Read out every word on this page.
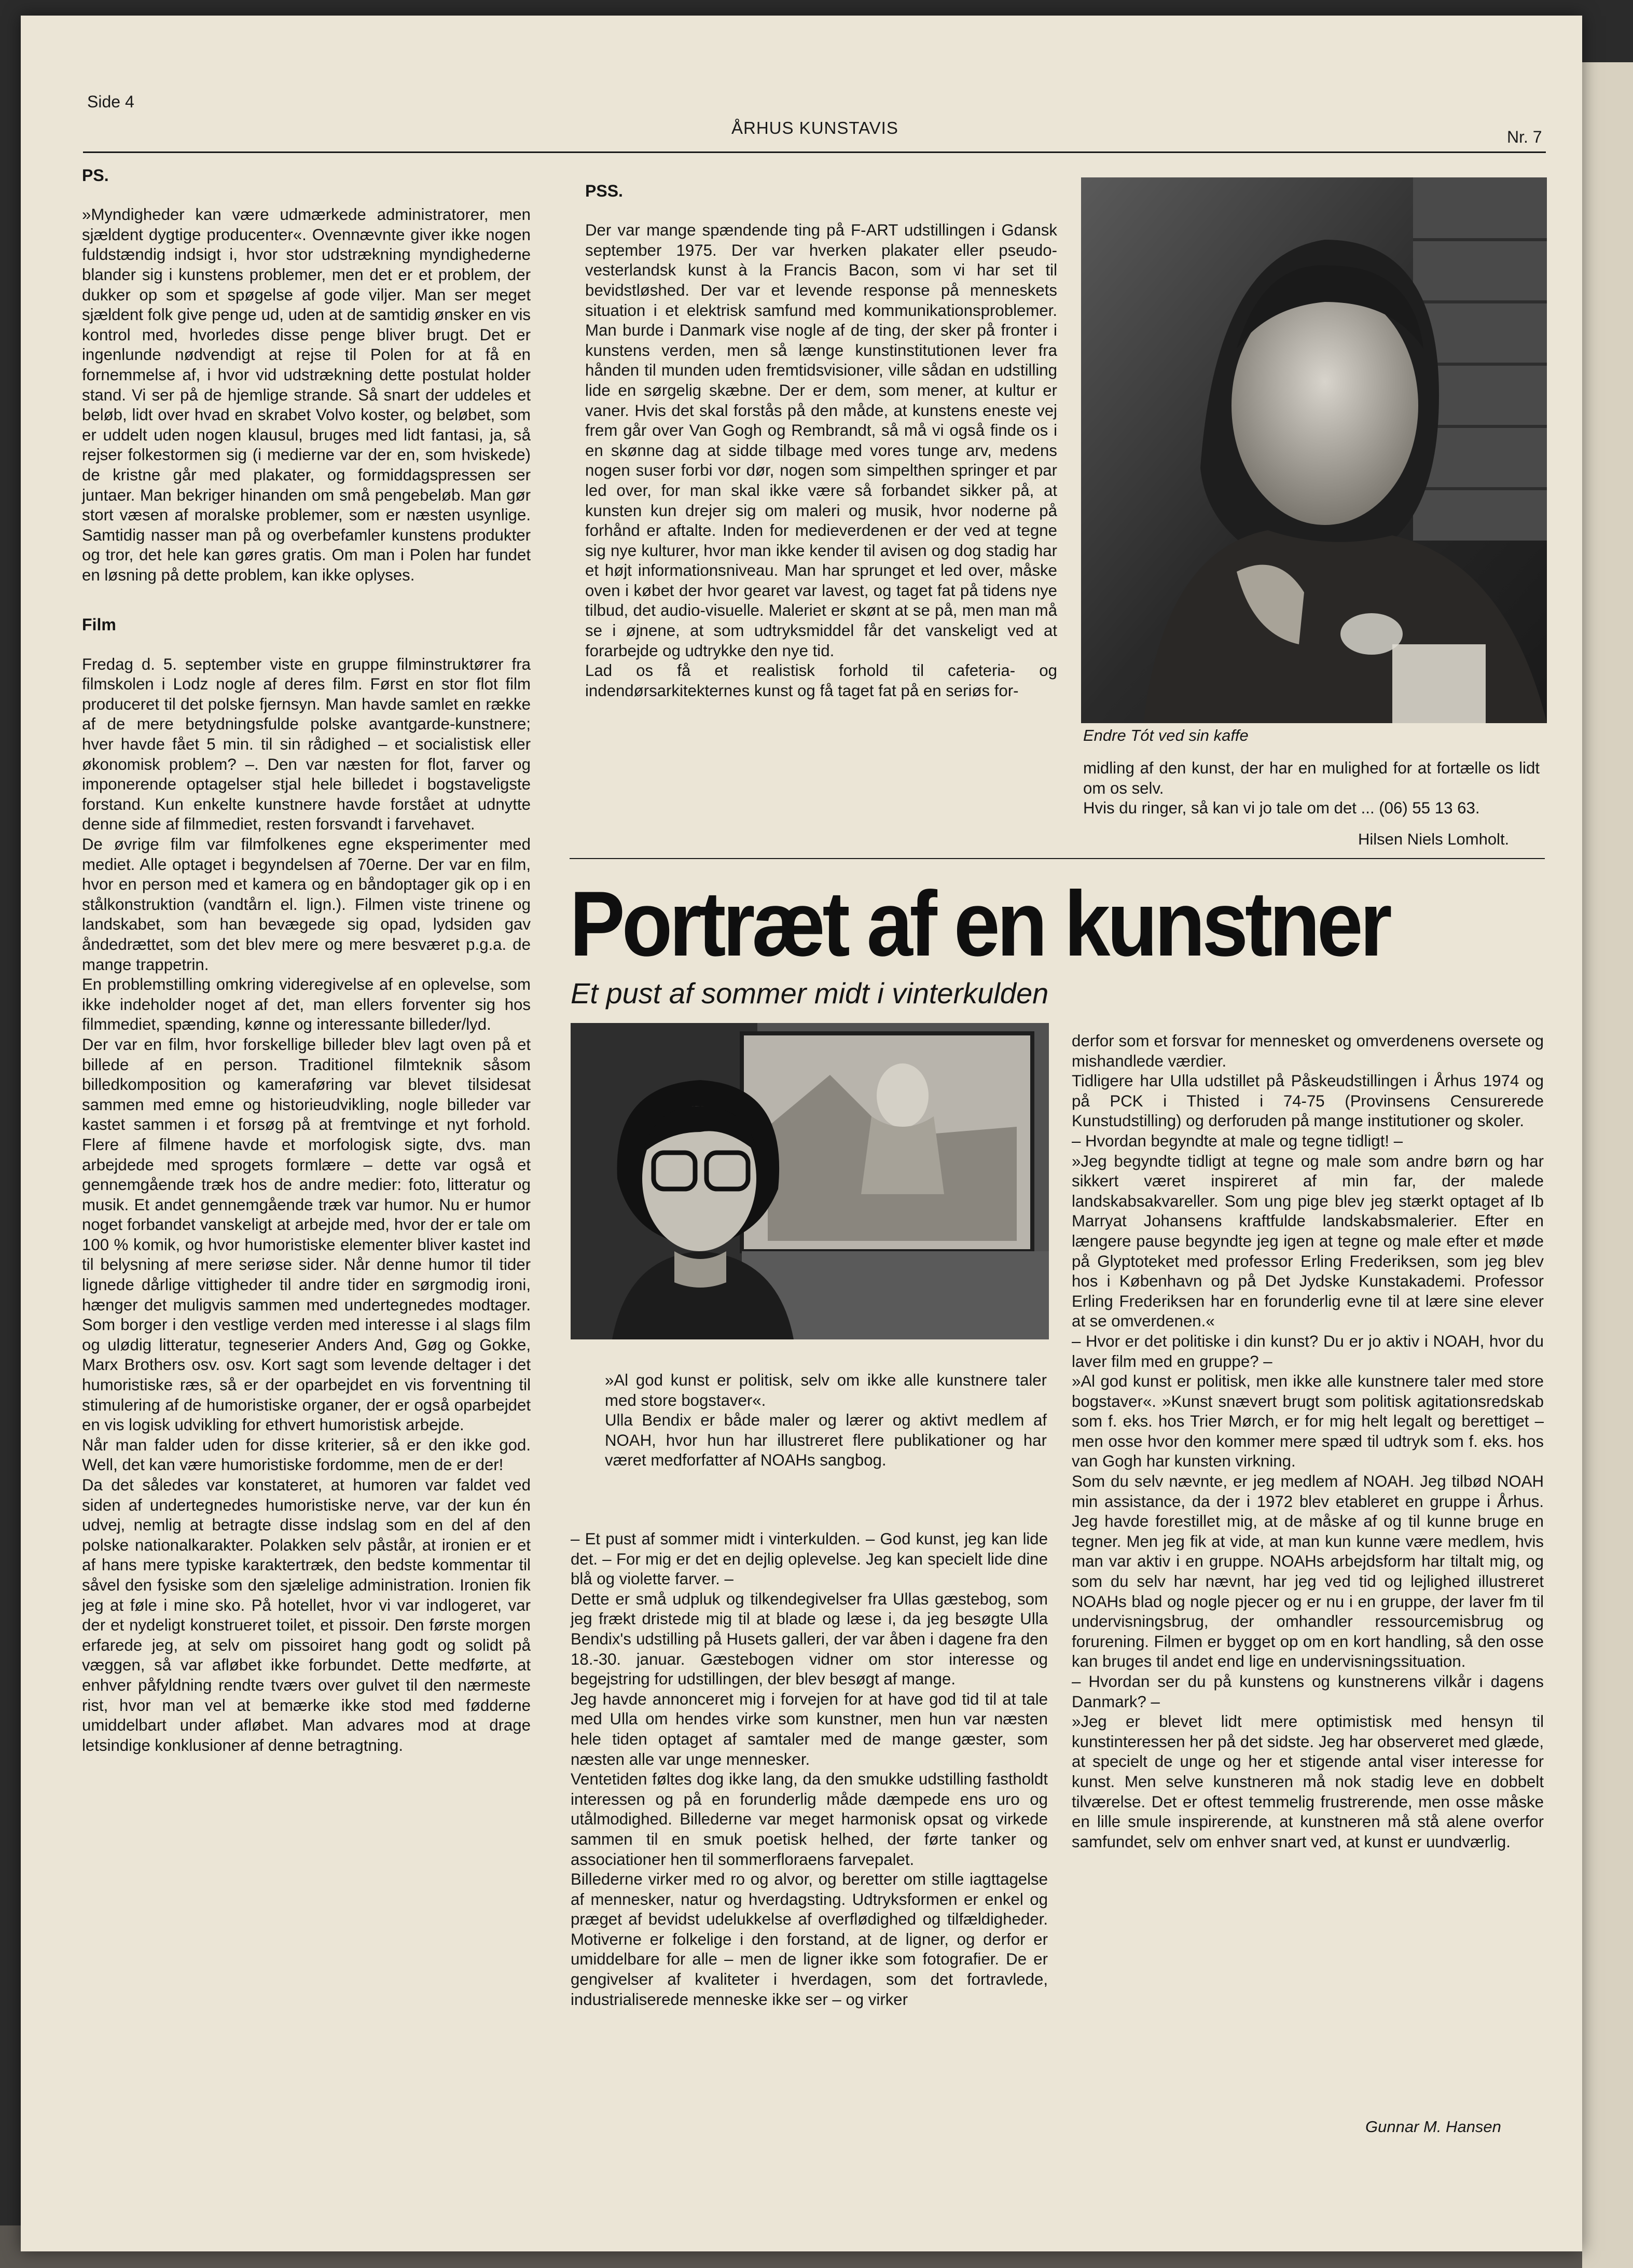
Side 4
ÅRHUS KUNSTAVIS	Nr. 7

PS.

»Myndigheder kan være udmærkede administratorer, men sjældent dygtige producenter«. Ovennævnte giver ikke nogen fuldstændig indsigt i, hvor stor udstrækning myndighederne blander sig i kunstens problemer, men det er et problem, der dukker op som et spøgelse af gode viljer. Man ser meget sjældent folk give penge ud, uden at de samtidig ønsker en vis kontrol med, hvorledes disse penge bliver brugt. Det er ingenlunde nødvendigt at rejse til Polen for at få en fornemmelse af, i hvor vid udstrækning dette postulat holder stand. Vi ser på de hjemlige strande. Så snart der uddeles et beløb, lidt over hvad en skrabet Volvo koster, og beløbet, som er uddelt uden nogen klausul, bruges med lidt fantasi, ja, så rejser folkestormen sig (i medierne var der en, som hviskede) de kristne går med plakater, og formiddagspressen ser juntaer. Man bekriger hinanden om små pengebeløb. Man gør stort væsen af moralske problemer, som er næsten usynlige. Samtidig nasser man på og overbefamler kunstens produkter og tror, det hele kan gøres gratis. Om man i Polen har fundet en løsning på dette problem, kan ikke oplyses.

Film

Fredag d. 5. september viste en gruppe filminstruktører fra filmskolen i Lodz nogle af deres film. Først en stor flot film produceret til det polske fjernsyn. Man havde samlet en række af de mere betydningsfulde polske avantgarde-kunstnere; hver havde fået 5 min. til sin rådighed – et socialistisk eller økonomisk problem? –. Den var næsten for flot, farver og imponerende optagelser stjal hele billedet i bogstaveligste forstand. Kun enkelte kunstnere havde forstået at udnytte denne side af filmmediet, resten forsvandt i farvehavet.
De øvrige film var filmfolkenes egne eksperimenter med mediet. Alle optaget i begyndelsen af 70erne. Der var en film, hvor en person med et kamera og en båndoptager gik op i en stålkonstruktion (vandtårn el. lign.). Filmen viste trinene og landskabet, som han bevægede sig opad, lydsiden gav åndedrættet, som det blev mere og mere besværet p.g.a. de mange trappetrin.
En problemstilling omkring videregivelse af en oplevelse, som ikke indeholder noget af det, man ellers forventer sig hos filmmediet, spænding, kønne og interessante billeder/lyd.
Der var en film, hvor forskellige billeder blev lagt oven på et billede af en person. Traditionel filmteknik såsom billedkomposition og kameraføring var blevet tilsidesat sammen med emne og historieudvikling, nogle billeder var kastet sammen i et forsøg på at fremtvinge et nyt forhold. Flere af filmene havde et morfologisk sigte, dvs. man arbejdede med sprogets formlære – dette var også et gennemgående træk hos de andre medier: foto, litteratur og musik. Et andet gennemgående træk var humor. Nu er humor noget forbandet vanskeligt at arbejde med, hvor der er tale om 100 % komik, og hvor humoristiske elementer bliver kastet ind til belysning af mere seriøse sider. Når denne humor til tider lignede dårlige vittigheder til andre tider en sørgmodig ironi, hænger det muligvis sammen med undertegnedes modtager. Som borger i den vestlige verden med interesse i al slags film og ulødig litteratur, tegneserier Anders And, Gøg og Gokke, Marx Brothers osv. osv. Kort sagt som levende deltager i det humoristiske ræs, så er der oparbejdet en vis forventning til stimulering af de humoristiske organer, der er også oparbejdet en vis logisk udvikling for ethvert humoristisk arbejde.
Når man falder uden for disse kriterier, så er den ikke god. Well, det kan være humoristiske fordomme, men de er der!
Da det således var konstateret, at humoren var faldet ved siden af undertegnedes humoristiske nerve, var der kun én udvej, nemlig at betragte disse indslag som en del af den polske nationalkarakter. Polakken selv påstår, at ironien er et af hans mere typiske karaktertræk, den bedste kommentar til såvel den fysiske som den sjælelige administration. Ironien fik jeg at føle i mine sko. På hotellet, hvor vi var indlogeret, var der et nydeligt konstrueret toilet, et pissoir. Den første morgen erfarede jeg, at selv om pissoiret hang godt og solidt på væggen, så var afløbet ikke forbundet. Dette medførte, at enhver påfyldning rendte tværs over gulvet til den nærmeste rist, hvor man vel at bemærke ikke stod med fødderne umiddelbart under afløbet. Man advares mod at drage letsindige konklusioner af denne betragtning.

PSS.

Der var mange spændende ting på F-ART udstillingen i Gdansk september 1975. Der var hverken plakater eller pseudo-vesterlandsk kunst à la Francis Bacon, som vi har set til bevidstløshed. Der var et levende response på menneskets situation i et elektrisk samfund med kommunikationsproblemer. Man burde i Danmark vise nogle af de ting, der sker på fronter i kunstens verden, men så længe kunstinstitutionen lever fra hånden til munden uden fremtidsvisioner, ville sådan en udstilling lide en sørgelig skæbne. Der er dem, som mener, at kultur er vaner. Hvis det skal forstås på den måde, at kunstens eneste vej frem går over Van Gogh og Rembrandt, så må vi også finde os i en skønne dag at sidde tilbage med vores tunge arv, medens nogen suser forbi vor dør, nogen som simpelthen springer et par led over, for man skal ikke være så forbandet sikker på, at kunsten kun drejer sig om maleri og musik, hvor noderne på forhånd er aftalte. Inden for medieverdenen er der ved at tegne sig nye kulturer, hvor man ikke kender til avisen og dog stadig har et højt informationsniveau. Man har sprunget et led over, måske oven i købet der hvor gearet var lavest, og taget fat på tidens nye tilbud, det audio-visuelle. Maleriet er skønt at se på, men man må se i øjnene, at som udtryksmiddel får det vanskeligt ved at forarbejde og udtrykke den nye tid.
Lad os få et realistisk forhold til cafeteria- og indendørsarkitekternes kunst og få taget fat på en seriøs for-

Endre Tót ved sin kaffe
midling af den kunst, der har en mulighed for at fortælle os lidt om os selv.
Hvis du ringer, så kan vi jo tale om det ... (06) 55 13 63.
Hilsen Niels Lomholt.
Portræt af en kunstner
Et pust af sommer midt i vinterkulden
»Al god kunst er politisk, selv om ikke alle kunstnere taler med store bogstaver«.
Ulla Bendix er både maler og lærer og aktivt medlem af NOAH, hvor hun har illustreret flere publikationer og har været medforfatter af NOAHs sangbog.
– Et pust af sommer midt i vinterkulden. – God kunst, jeg kan lide det. – For mig er det en dejlig oplevelse. Jeg kan specielt lide dine blå og violette farver. –
Dette er små udpluk og tilkendegivelser fra Ullas gæstebog, som jeg frækt dristede mig til at blade og læse i, da jeg besøgte Ulla Bendix's udstilling på Husets galleri, der var åben i dagene fra den 18.-30. januar. Gæstebogen vidner om stor interesse og begejstring for udstillingen, der blev besøgt af mange.
Jeg havde annonceret mig i forvejen for at have god tid til at tale med Ulla om hendes virke som kunstner, men hun var næsten hele tiden optaget af samtaler med de mange gæster, som næsten alle var unge mennesker.
Ventetiden føltes dog ikke lang, da den smukke udstilling fastholdt interessen og på en forunderlig måde dæmpede ens uro og utålmodighed. Billederne var meget harmonisk opsat og virkede sammen til en smuk poetisk helhed, der førte tanker og associationer hen til sommerfloraens farvepalet.
Billederne virker med ro og alvor, og beretter om stille iagttagelse af mennesker, natur og hverdagsting. Udtryksformen er enkel og præget af bevidst udelukkelse af overflødighed og tilfældigheder. Motiverne er folkelige i den forstand, at de ligner, og derfor er umiddelbare for alle – men de ligner ikke som fotografier. De er gengivelser af kvaliteter i hverdagen, som det fortravlede, industrialiserede menneske ikke ser – og virker
derfor som et forsvar for mennesket og omverdenens oversete og mishandlede værdier.
Tidligere har Ulla udstillet på Påskeudstillingen i Århus 1974 og på PCK i Thisted i 74-75 (Provinsens Censurerede Kunstudstilling) og derforuden på mange institutioner og skoler.
– Hvordan begyndte at male og tegne tidligt! –
»Jeg begyndte tidligt at tegne og male som andre børn og har sikkert været inspireret af min far, der malede landskabsakvareller. Som ung pige blev jeg stærkt optaget af Ib Marryat Johansens kraftfulde landskabsmalerier. Efter en længere pause begyndte jeg igen at tegne og male efter et møde på Glyptoteket med professor Erling Frederiksen, som jeg blev hos i København og på Det Jydske Kunstakademi. Professor Erling Frederiksen har en forunderlig evne til at lære sine elever at se omverdenen.«
– Hvor er det politiske i din kunst? Du er jo aktiv i NOAH, hvor du laver film med en gruppe? –
»Al god kunst er politisk, men ikke alle kunstnere taler med store bogstaver«. »Kunst snævert brugt som politisk agitationsredskab som f. eks. hos Trier Mørch, er for mig helt legalt og berettiget – men osse hvor den kommer mere spæd til udtryk som f. eks. hos van Gogh har kunsten virkning.
Som du selv nævnte, er jeg medlem af NOAH. Jeg tilbød NOAH min assistance, da der i 1972 blev etableret en gruppe i Århus. Jeg havde forestillet mig, at de måske af og til kunne bruge en tegner. Men jeg fik at vide, at man kun kunne være medlem, hvis man var aktiv i en gruppe. NOAHs arbejdsform har tiltalt mig, og som du selv har nævnt, har jeg ved tid og lejlighed illustreret NOAHs blad og nogle pjecer og er nu i en gruppe, der laver fm til undervisningsbrug, der omhandler ressourcemisbrug og forurening. Filmen er bygget op om en kort handling, så den osse kan bruges til andet end lige en undervisningssituation.
– Hvordan ser du på kunstens og kunstnerens vilkår i dagens Danmark? –
»Jeg er blevet lidt mere optimistisk med hensyn til kunstinteressen her på det sidste. Jeg har observeret med glæde, at specielt de unge og her et stigende antal viser interesse for kunst. Men selve kunstneren må nok stadig leve en dobbelt tilværelse. Det er oftest temmelig frustrerende, men osse måske en lille smule inspirerende, at kunstneren må stå alene overfor samfundet, selv om enhver snart ved, at kunst er uundværlig.
Gunnar M. Hansen
